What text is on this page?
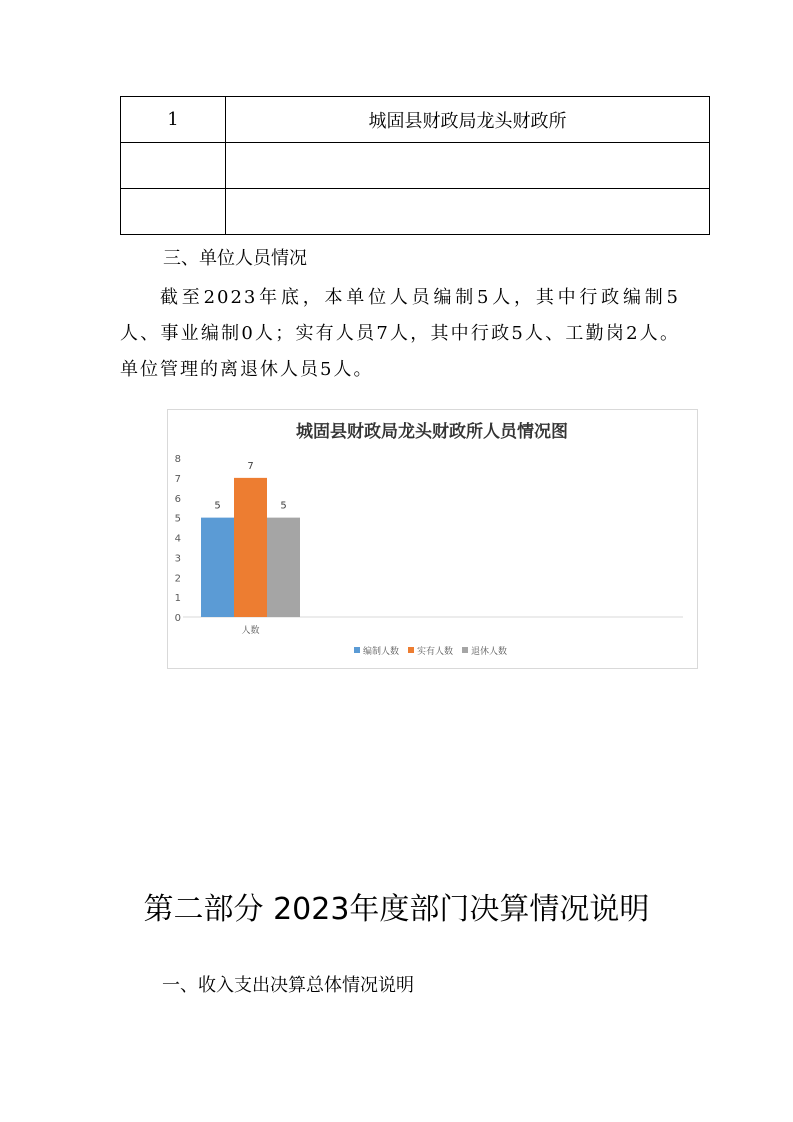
1	城固县财政局龙头财政所

三、单位人员情况

截至2023年底，本单位人员编制5人，其中行政编制5人、事业编制0人；实有人员7人，其中行政5人、工勤岗2人。单位管理的离退休人员5人。

城固县财政局龙头财政所人员情况图
0
1
2
3
4
5
6
7
8
5
7
5
人数
编制人数 实有人数 退休人数
第二部分 2023年度部门决算情况说明
一、收入支出决算总体情况说明
